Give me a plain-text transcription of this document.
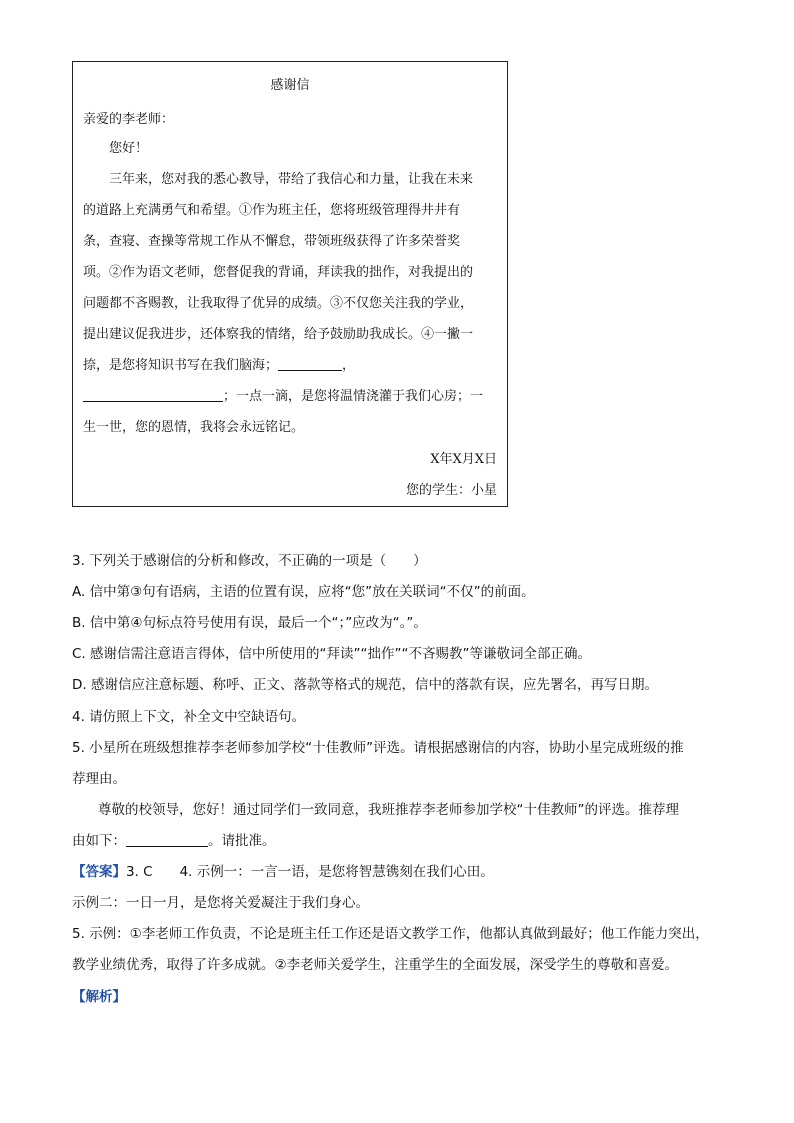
感谢信
亲爱的李老师：
您好！
三年来，您对我的悉心教导，带给了我信心和力量，让我在未来
的道路上充满勇气和希望。①作为班主任，您将班级管理得井井有
条，查寝、查操等常规工作从不懈怠，带领班级获得了许多荣誉奖
项。②作为语文老师，您督促我的背诵，拜读我的拙作，对我提出的
问题都不吝赐教，让我取得了优异的成绩。③不仅您关注我的学业，
提出建议促我进步，还体察我的情绪，给予鼓励助我成长。④一撇一
捺，是您将知识书写在我们脑海；	，
；一点一滴，是您将温情浇灌于我们心房；一
生一世，您的恩情，我将会永远铭记。
X年X月X日
您的学生：小星
3. 下列关于感谢信的分析和修改，不正确的一项是（　　）
A. 信中第③句有语病，主语的位置有误，应将“您”放在关联词“不仅”的前面。
B. 信中第④句标点符号使用有误，最后一个“；”应改为“。”。
C. 感谢信需注意语言得体，信中所使用的“拜读”“拙作”“不吝赐教”等谦敬词全部正确。
D. 感谢信应注意标题、称呼、正文、落款等格式的规范，信中的落款有误，应先署名，再写日期。
4. 请仿照上下文，补全文中空缺语句。
5. 小星所在班级想推荐李老师参加学校“十佳教师”评选。请根据感谢信的内容，协助小星完成班级的推
荐理由。
尊敬的校领导，您好！通过同学们一致同意，我班推荐李老师参加学校“十佳教师”的评选。推荐理
由如下：	。请批准。
【答案】3. C　　4. 示例一：一言一语，是您将智慧镌刻在我们心田。
示例二：一日一月，是您将关爱凝注于我们身心。
5. 示例：①李老师工作负责，不论是班主任工作还是语文教学工作，他都认真做到最好；他工作能力突出，
教学业绩优秀，取得了许多成就。②李老师关爱学生，注重学生的全面发展，深受学生的尊敬和喜爱。
【解析】
